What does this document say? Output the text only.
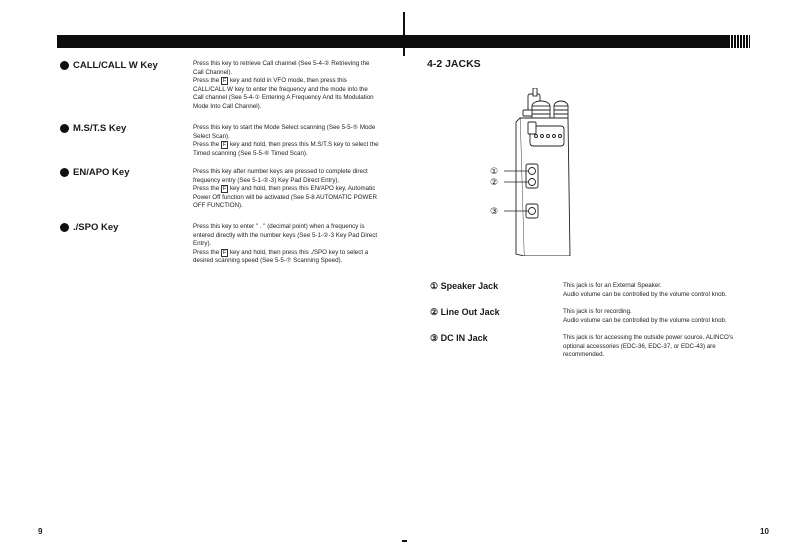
CALL/CALL W Key	Press this key to retrieve Call channel (See 5-4-② Retrieving the Call Channel).

Press the F key and hold in VFO mode, then press this CALL/CALL W key to enter the frequency and the mode into the Call channel (See 5-4-① Entering A Frequency And Its Modulation Mode Into Call Channel).

M.S/T.S Key	Press this key to start the Mode Select scanning (See 5-5-⑤ Mode Select Scan).

Press the F key and hold, then press this M.S/T.S key to select the Timed scanning (See 5-5-⑥ Timed Scan).

EN/APO Key	Press this key after number keys are pressed to complete direct frequency entry (See 5-1-②-3) Key Pad Direct Entry).

Press the F key and hold, then press this EN/APO key, Automatic Power Off function will be activated (See 5-8 AUTOMATIC POWER OFF FUNCTION).

./SPO Key	Press this key to enter " . " (decimal point) when a frequency is entered directly with the number keys (See 5-1-②-3 Key Pad Direct Entry).

Press the F key and hold, then press this ./SPO key to select a desired scanning speed (See 5-5-⑦ Scanning Speed).

9
4-2 JACKS
①
②
③
① Speaker Jack	This jack is for an External Speaker.

Audio volume can be controlled by the volume control knob.

② Line Out Jack	This jack is for recording.

Audio volume can be controlled by the volume control knob.

③ DC IN Jack	This jack is for accessing the outside power source. ALINCO's optional accessories (EDC-36, EDC-37, or EDC-43) are recommended.

10
